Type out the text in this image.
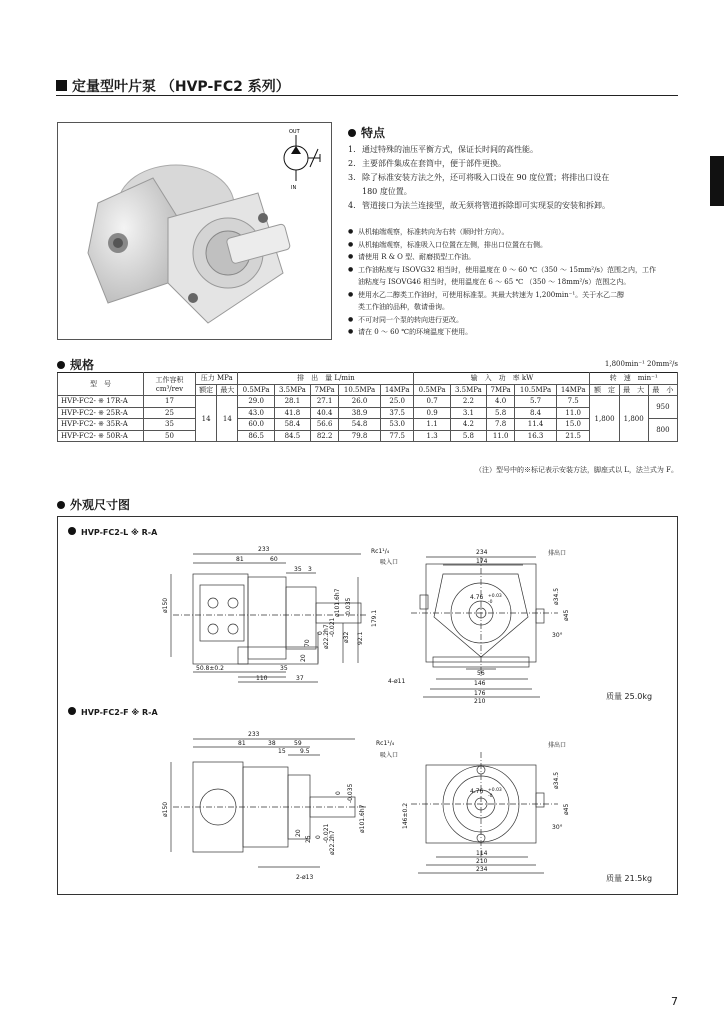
定量型叶片泵 （HVP-FC2 系列）
OUT
IN
特点
1. 通过特殊的油压平衡方式，保证长时间的高性能。
2. 主要部件集成在套筒中，便于部件更换。
3. 除了标准安装方法之外，还可将吸入口设在 90 度位置；将排出口设在
180 度位置。
4. 管道接口为法兰连接型，故无须将管道拆除即可实现泵的安装和拆卸。
● 从机轴端观察，标准转向为右转（顺时针方向）。
● 从机轴端观察，标准吸入口位置在左侧，排出口位置在右侧。
● 请使用 R & O 型、耐磨损型工作油。
● 工作油粘度与 ISOVG32 相当时，使用温度在 0 ～ 60 ℃（350 ～ 15mm²/s）范围之内，工作
油粘度与 ISOVG46 相当时，使用温度在 6 ～ 65 ℃ （350 ～ 18mm²/s）范围之内。
● 使用水乙二醇类工作油时，可使用标准泵。其最大转速为 1,200min⁻¹。关于水乙二醇
类工作油的品种，敬请垂询。
● 不可对同一个泵的转向进行更改。
● 请在 0 ～ 60 ℃的环境温度下使用。
规格	1,800min⁻¹ 20mm²/s
型　号	工作容积
cm³/rev	压力 MPa		排　出　量 L/min					输　入　功　率 kW					转　速　min⁻¹		
		额定	最大	0.5MPa	3.5MPa	7MPa	10.5MPa	14MPa	0.5MPa	3.5MPa	7MPa	10.5MPa	14MPa	额　定	最　大	最　小
HVP-FC2- ※ 17R-A	17	14	14	29.0	28.1	27.1	26.0	25.0	0.7	2.2	4.0	5.7	7.5	1,800	1,800	950
HVP-FC2- ※ 25R-A	25			43.0	41.8	40.4	38.9	37.5	0.9	3.1	5.8	8.4	11.0			
HVP-FC2- ※ 35R-A	35			60.0	58.4	56.6	54.8	53.0	1.1	4.2	7.8	11.4	15.0			800
HVP-FC2- ※ 50R-A	50			86.5	84.5	82.2	79.8	77.5	1.3	5.8	11.0	16.3	21.5			
（注）型号中的※标记表示安装方法，脚座式以 L，法兰式为 F。
外观尺寸图
233
81	60
35 3
ø150
179.1
92.1
70 ø22.2h7 ø32
ø101.6h7
0 -0.021
-0.035
20
50.8±0.2	35
110	37
Rc1¹/₄
吸入口
234
174
排出口
4.76 +0.03
-0	ø34.5
ø45
30°
56
146
4-ø11
176
210
233
81	38	59
15 9.5
ø150	ø101.6h7
0 -0.035
ø22.2h7
0 -0.021
20
25
2-ø13
Rc1¹/₄
吸入口
排出口
4.76 +0.03
-0
146±0.2
ø34.5
ø45
30°
114
210
234
HVP-FC2-L ※ R-A
质量 25.0kg
HVP-FC2-F ※ R-A
质量 21.5kg
7
